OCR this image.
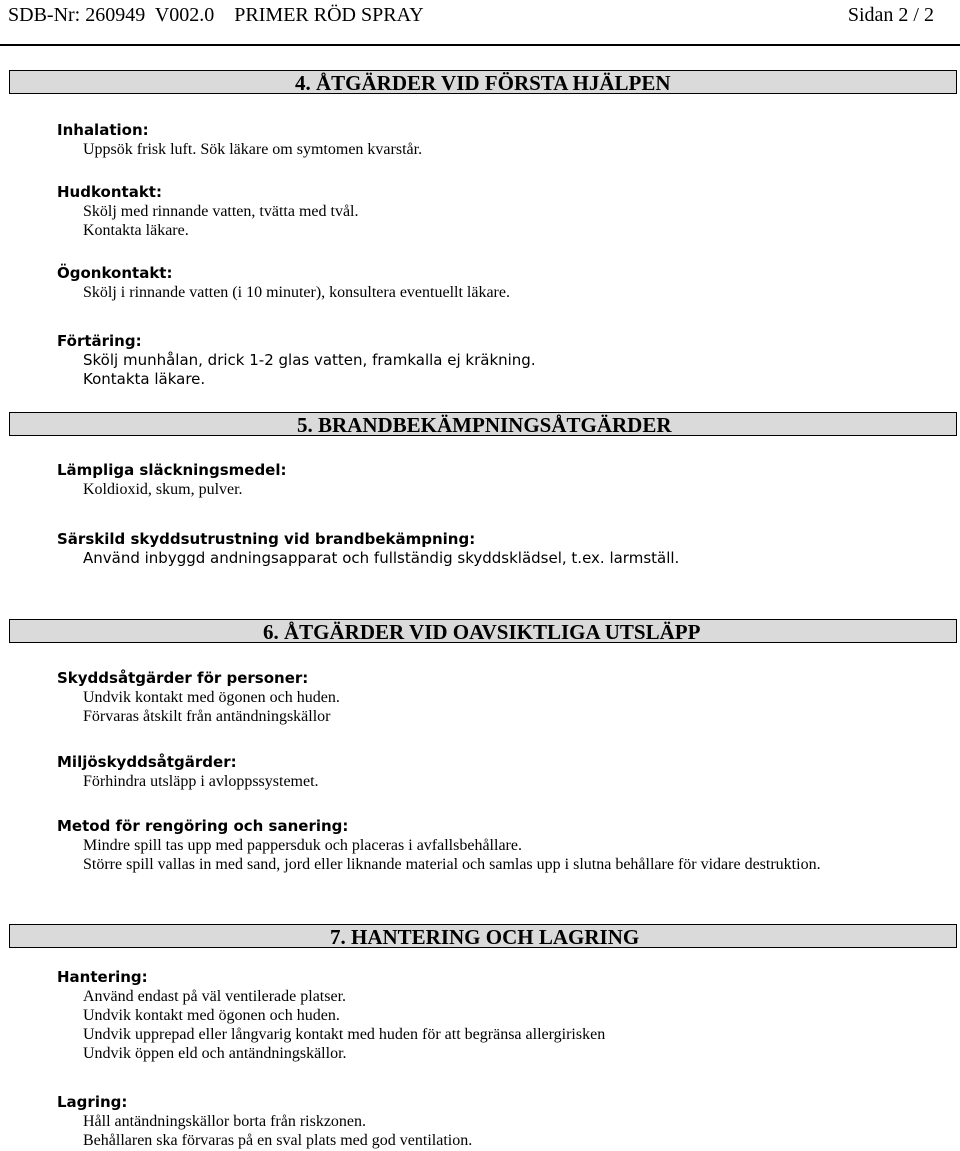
SDB-Nr: 260949  V002.0    PRIMER RÖD SPRAY	Sidan 2 / 2
4. ÅTGÄRDER VID FÖRSTA HJÄLPEN
Inhalation:
Uppsök frisk luft. Sök läkare om symtomen kvarstår.
Hudkontakt:
Skölj med rinnande vatten, tvätta med tvål.
Kontakta läkare.
Ögonkontakt:
Skölj i rinnande vatten (i 10 minuter), konsultera eventuellt läkare.
Förtäring:
Skölj munhålan, drick 1-2 glas vatten, framkalla ej kräkning.
Kontakta läkare.
5. BRANDBEKÄMPNINGSÅTGÄRDER
Lämpliga släckningsmedel:
Koldioxid, skum, pulver.
Särskild skyddsutrustning vid brandbekämpning:
Använd inbyggd andningsapparat och fullständig skyddsklädsel, t.ex. larmställ.
6. ÅTGÄRDER VID OAVSIKTLIGA UTSLÄPP
Skyddsåtgärder för personer:
Undvik kontakt med ögonen och huden.
Förvaras åtskilt från antändningskällor
Miljöskyddsåtgärder:
Förhindra utsläpp i avloppssystemet.
Metod för rengöring och sanering:
Mindre spill tas upp med pappersduk och placeras i avfallsbehållare.
Större spill vallas in med sand, jord eller liknande material och samlas upp i slutna behållare för vidare destruktion.
7. HANTERING OCH LAGRING
Hantering:
Använd endast på väl ventilerade platser.
Undvik kontakt med ögonen och huden.
Undvik upprepad eller långvarig kontakt med huden för att begränsa allergirisken
Undvik öppen eld och antändningskällor.
Lagring:
Håll antändningskällor borta från riskzonen.
Behållaren ska förvaras på en sval plats med god ventilation.
